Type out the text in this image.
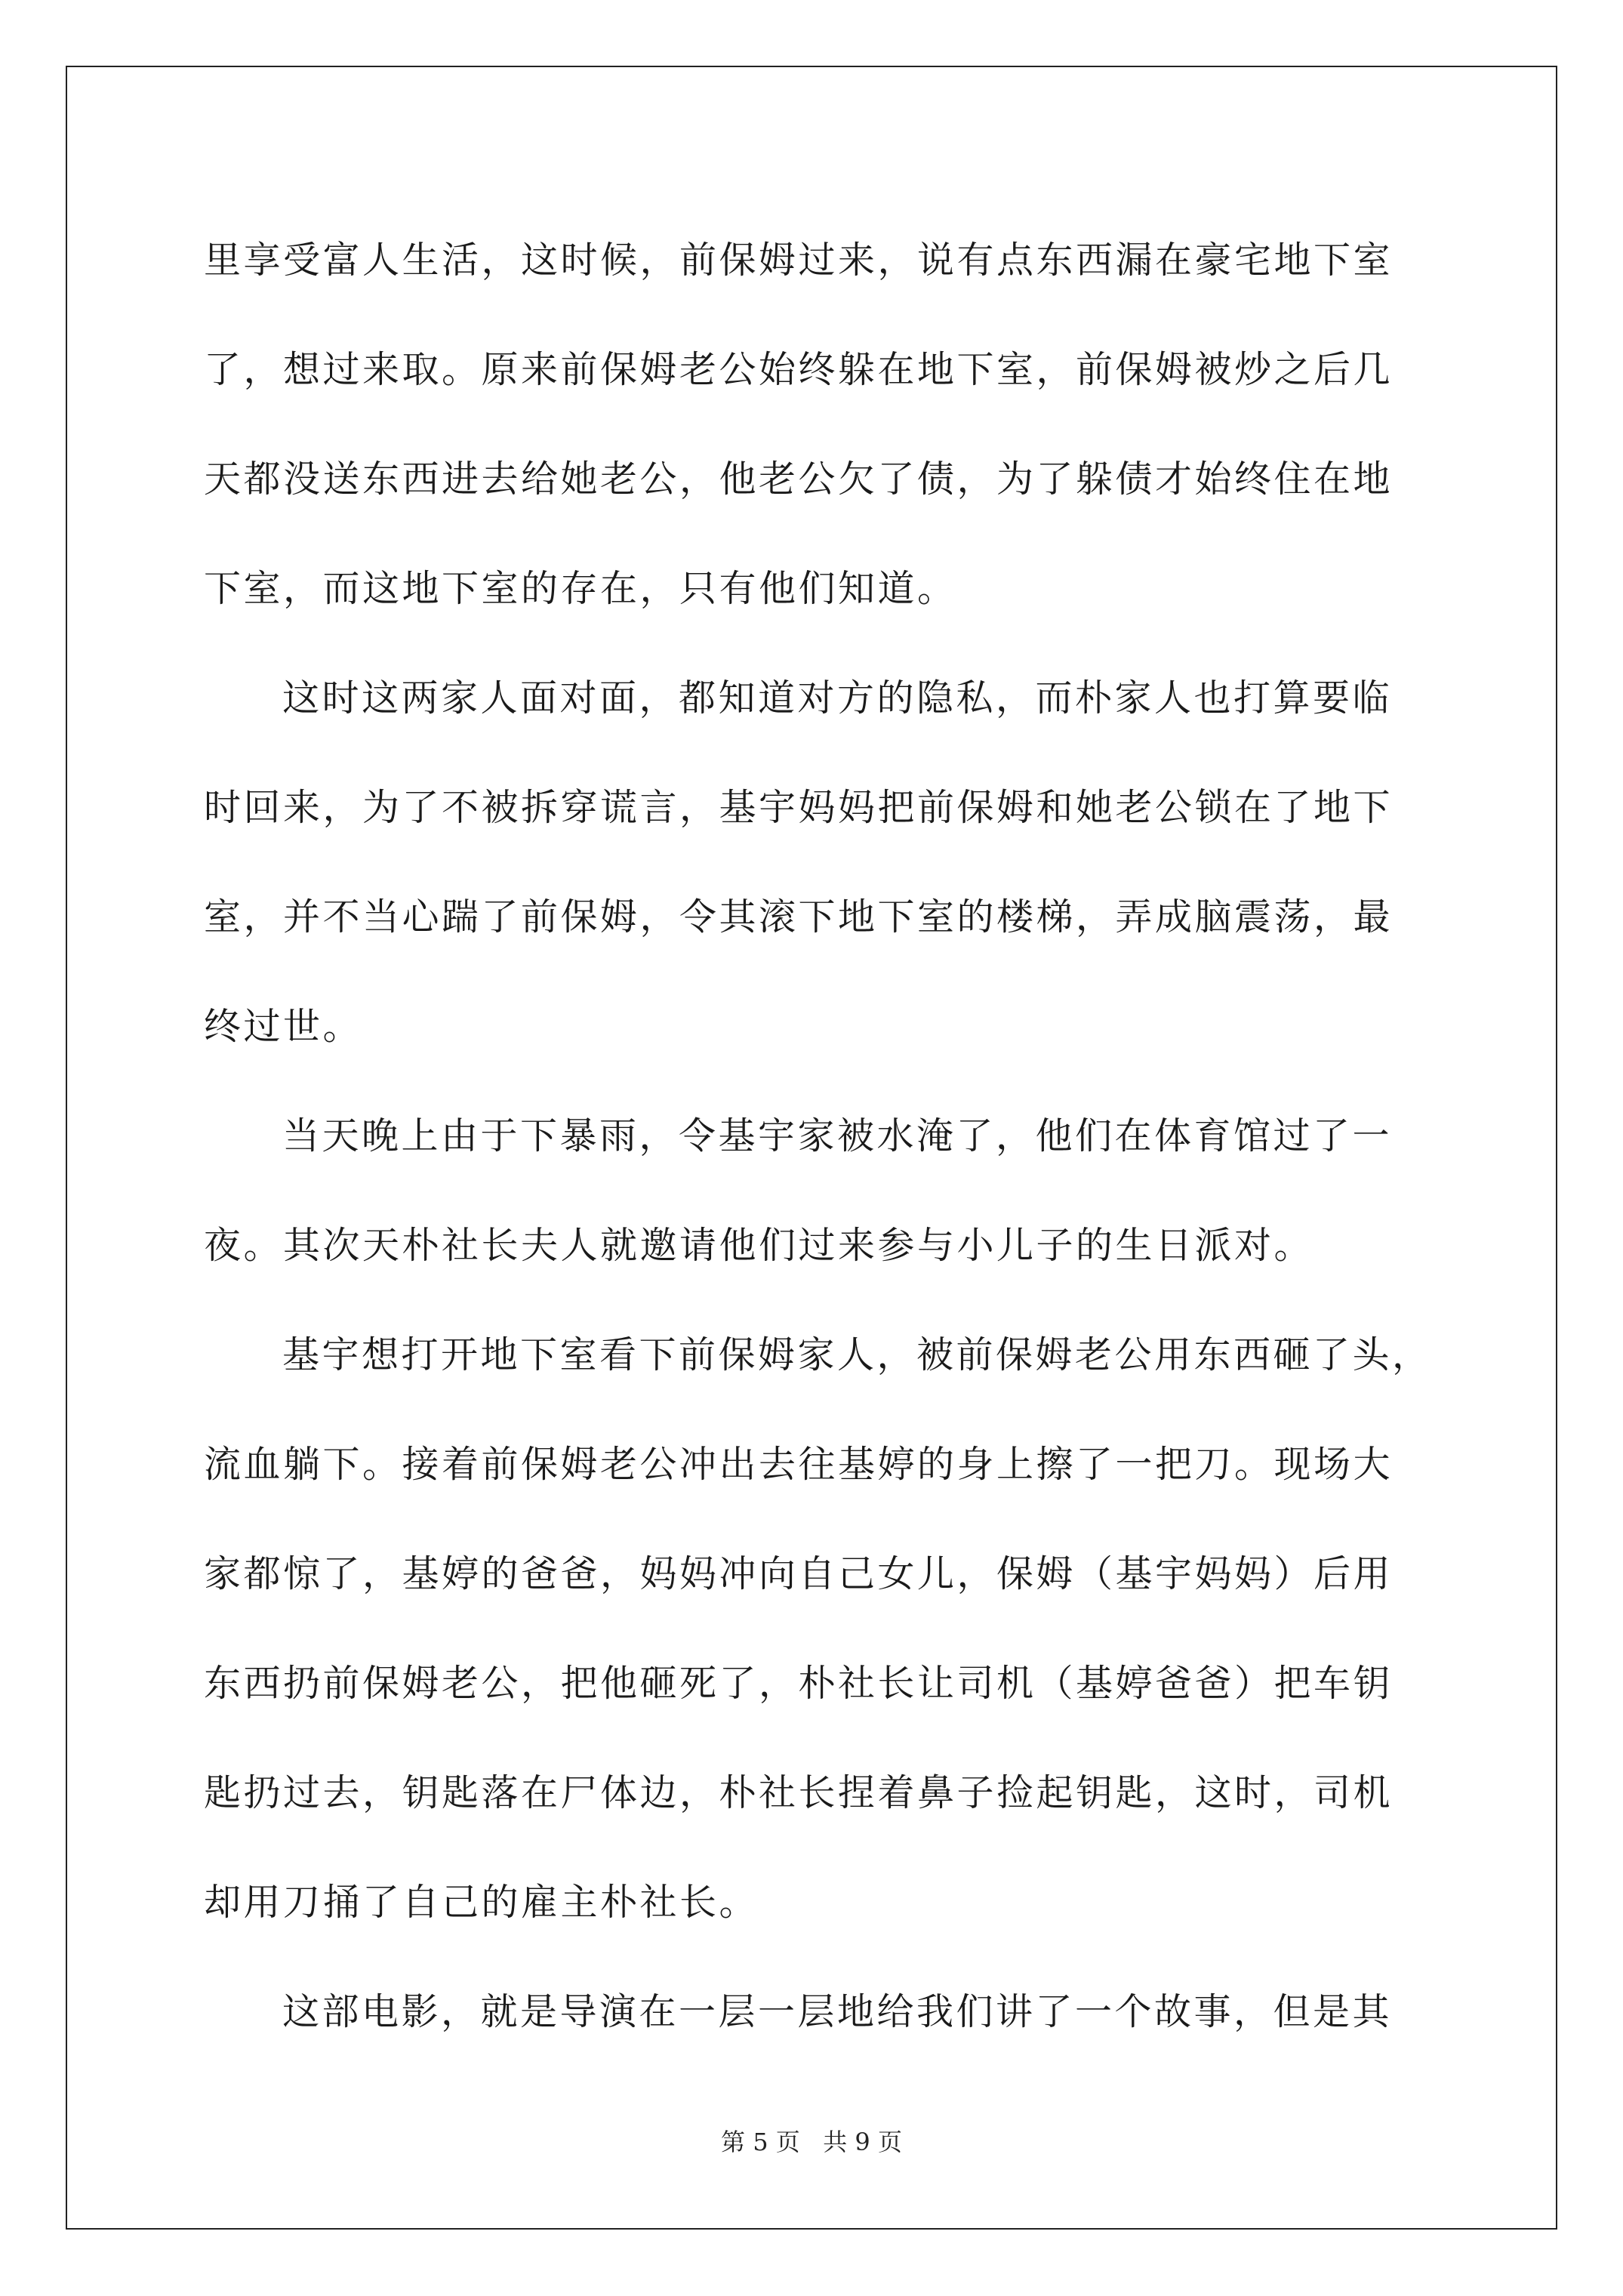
里享受富人生活，这时候，前保姆过来，说有点东西漏在豪宅地下室
了，想过来取。原来前保姆老公始终躲在地下室，前保姆被炒之后几
天都没送东西进去给她老公，他老公欠了债，为了躲债才始终住在地
下室，而这地下室的存在，只有他们知道。
这时这两家人面对面，都知道对方的隐私，而朴家人也打算要临
时回来，为了不被拆穿谎言，基宇妈妈把前保姆和她老公锁在了地下
室，并不当心踹了前保姆，令其滚下地下室的楼梯，弄成脑震荡，最
终过世。
当天晚上由于下暴雨，令基宇家被水淹了，他们在体育馆过了一
夜。其次天朴社长夫人就邀请他们过来参与小儿子的生日派对。
基宇想打开地下室看下前保姆家人，被前保姆老公用东西砸了头，
流血躺下。接着前保姆老公冲出去往基婷的身上擦了一把刀。现场大
家都惊了，基婷的爸爸，妈妈冲向自己女儿，保姆（基宇妈妈）后用
东西扔前保姆老公，把他砸死了，朴社长让司机（基婷爸爸）把车钥
匙扔过去，钥匙落在尸体边，朴社长捏着鼻子捡起钥匙，这时，司机
却用刀捅了自己的雇主朴社长。
这部电影，就是导演在一层一层地给我们讲了一个故事，但是其
第 5 页   共 9 页
